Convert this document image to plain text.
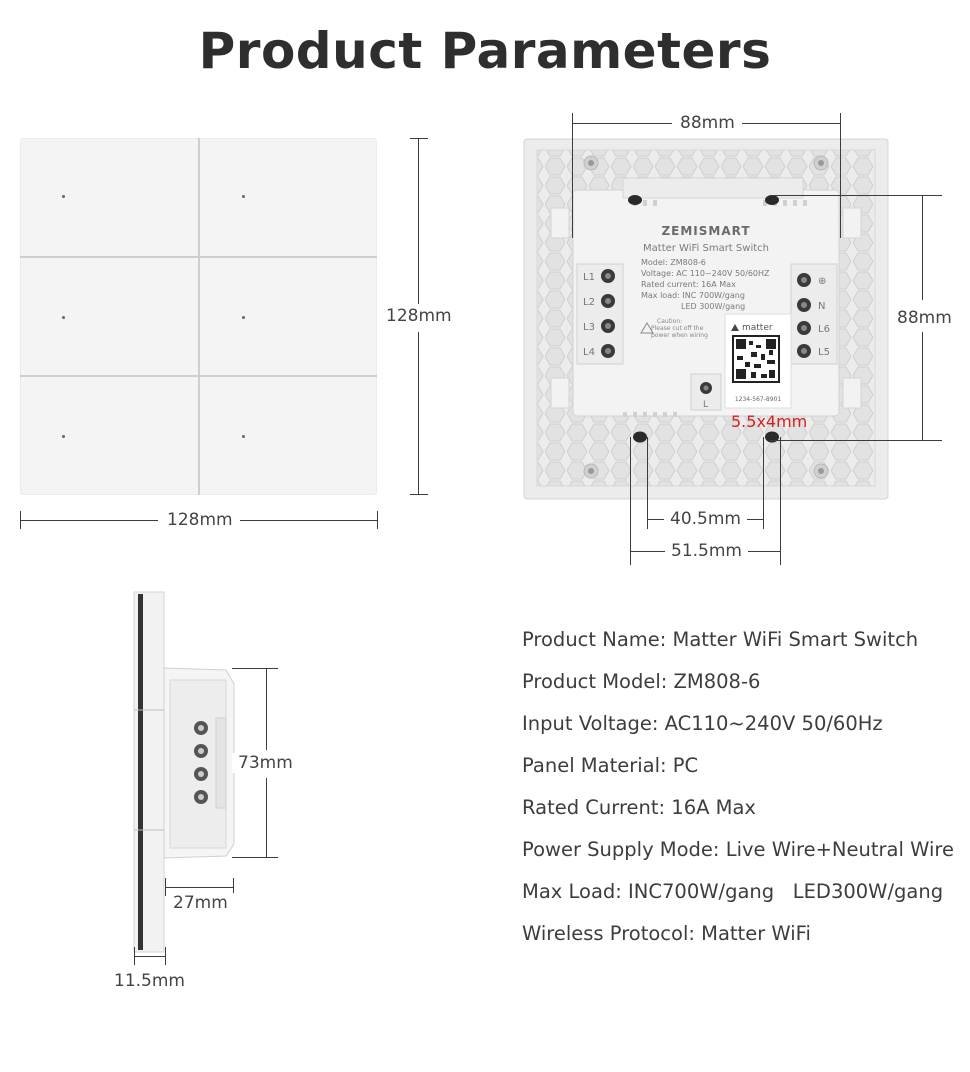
Product Parameters
128mm
128mm
ZEMISMART
Matter WiFi Smart Switch
Model: ZM808-6
Voltage: AC 110~240V 50/60HZ
Rated current: 16A Max
Max load: INC 700W/gang
LED 300W/gang
Caution:
Please cut off the
power when wiring
L1
L2
L3
L4
⊕
N
L6
L5
matter
1234-567-8901
L
88mm
88mm
5.5x4mm
40.5mm
51.5mm
73mm
27mm
11.5mm
Product Name: Matter WiFi Smart Switch
Product Model: ZM808-6
Input Voltage: AC110~240V 50/60Hz
Panel Material: PC
Rated Current: 16A Max
Power Supply Mode: Live Wire+Neutral Wire
Max Load: INC700W/gang   LED300W/gang
Wireless Protocol: Matter WiFi
